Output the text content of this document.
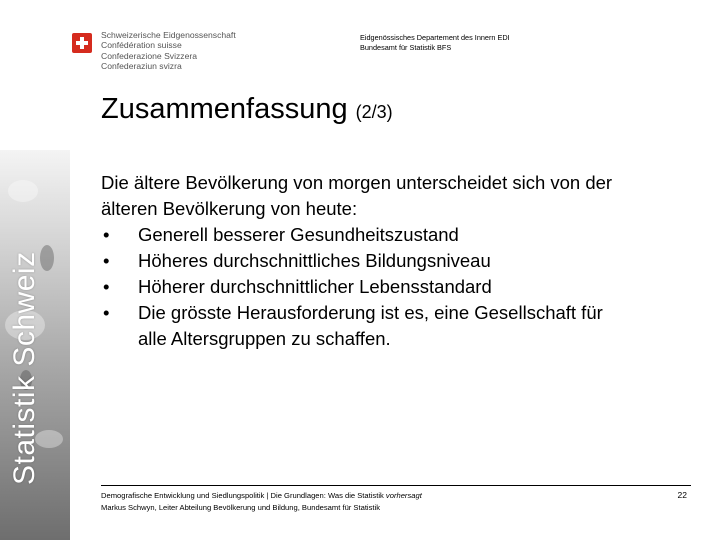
Statistik Schweiz
Schweizerische Eidgenossenschaft
Confédération suisse
Confederazione Svizzera
Confederaziun svizra
Eidgenössisches Departement des Innern EDI
Bundesamt für Statistik BFS
Zusammenfassung (2/3)
Die ältere Bevölkerung von morgen unterscheidet sich von der
älteren Bevölkerung von heute:
•	Generell besserer Gesundheitszustand
•	Höheres durchschnittliches Bildungsniveau
•	Höherer durchschnittlicher Lebensstandard
•	Die grösste Herausforderung ist es, eine Gesellschaft für
alle Altersgruppen zu schaffen.
Demografische Entwicklung und Siedlungspolitik | Die Grundlagen: Was die Statistik vorhersagt
Markus Schwyn, Leiter Abteilung Bevölkerung und Bildung, Bundesamt für Statistik
22
